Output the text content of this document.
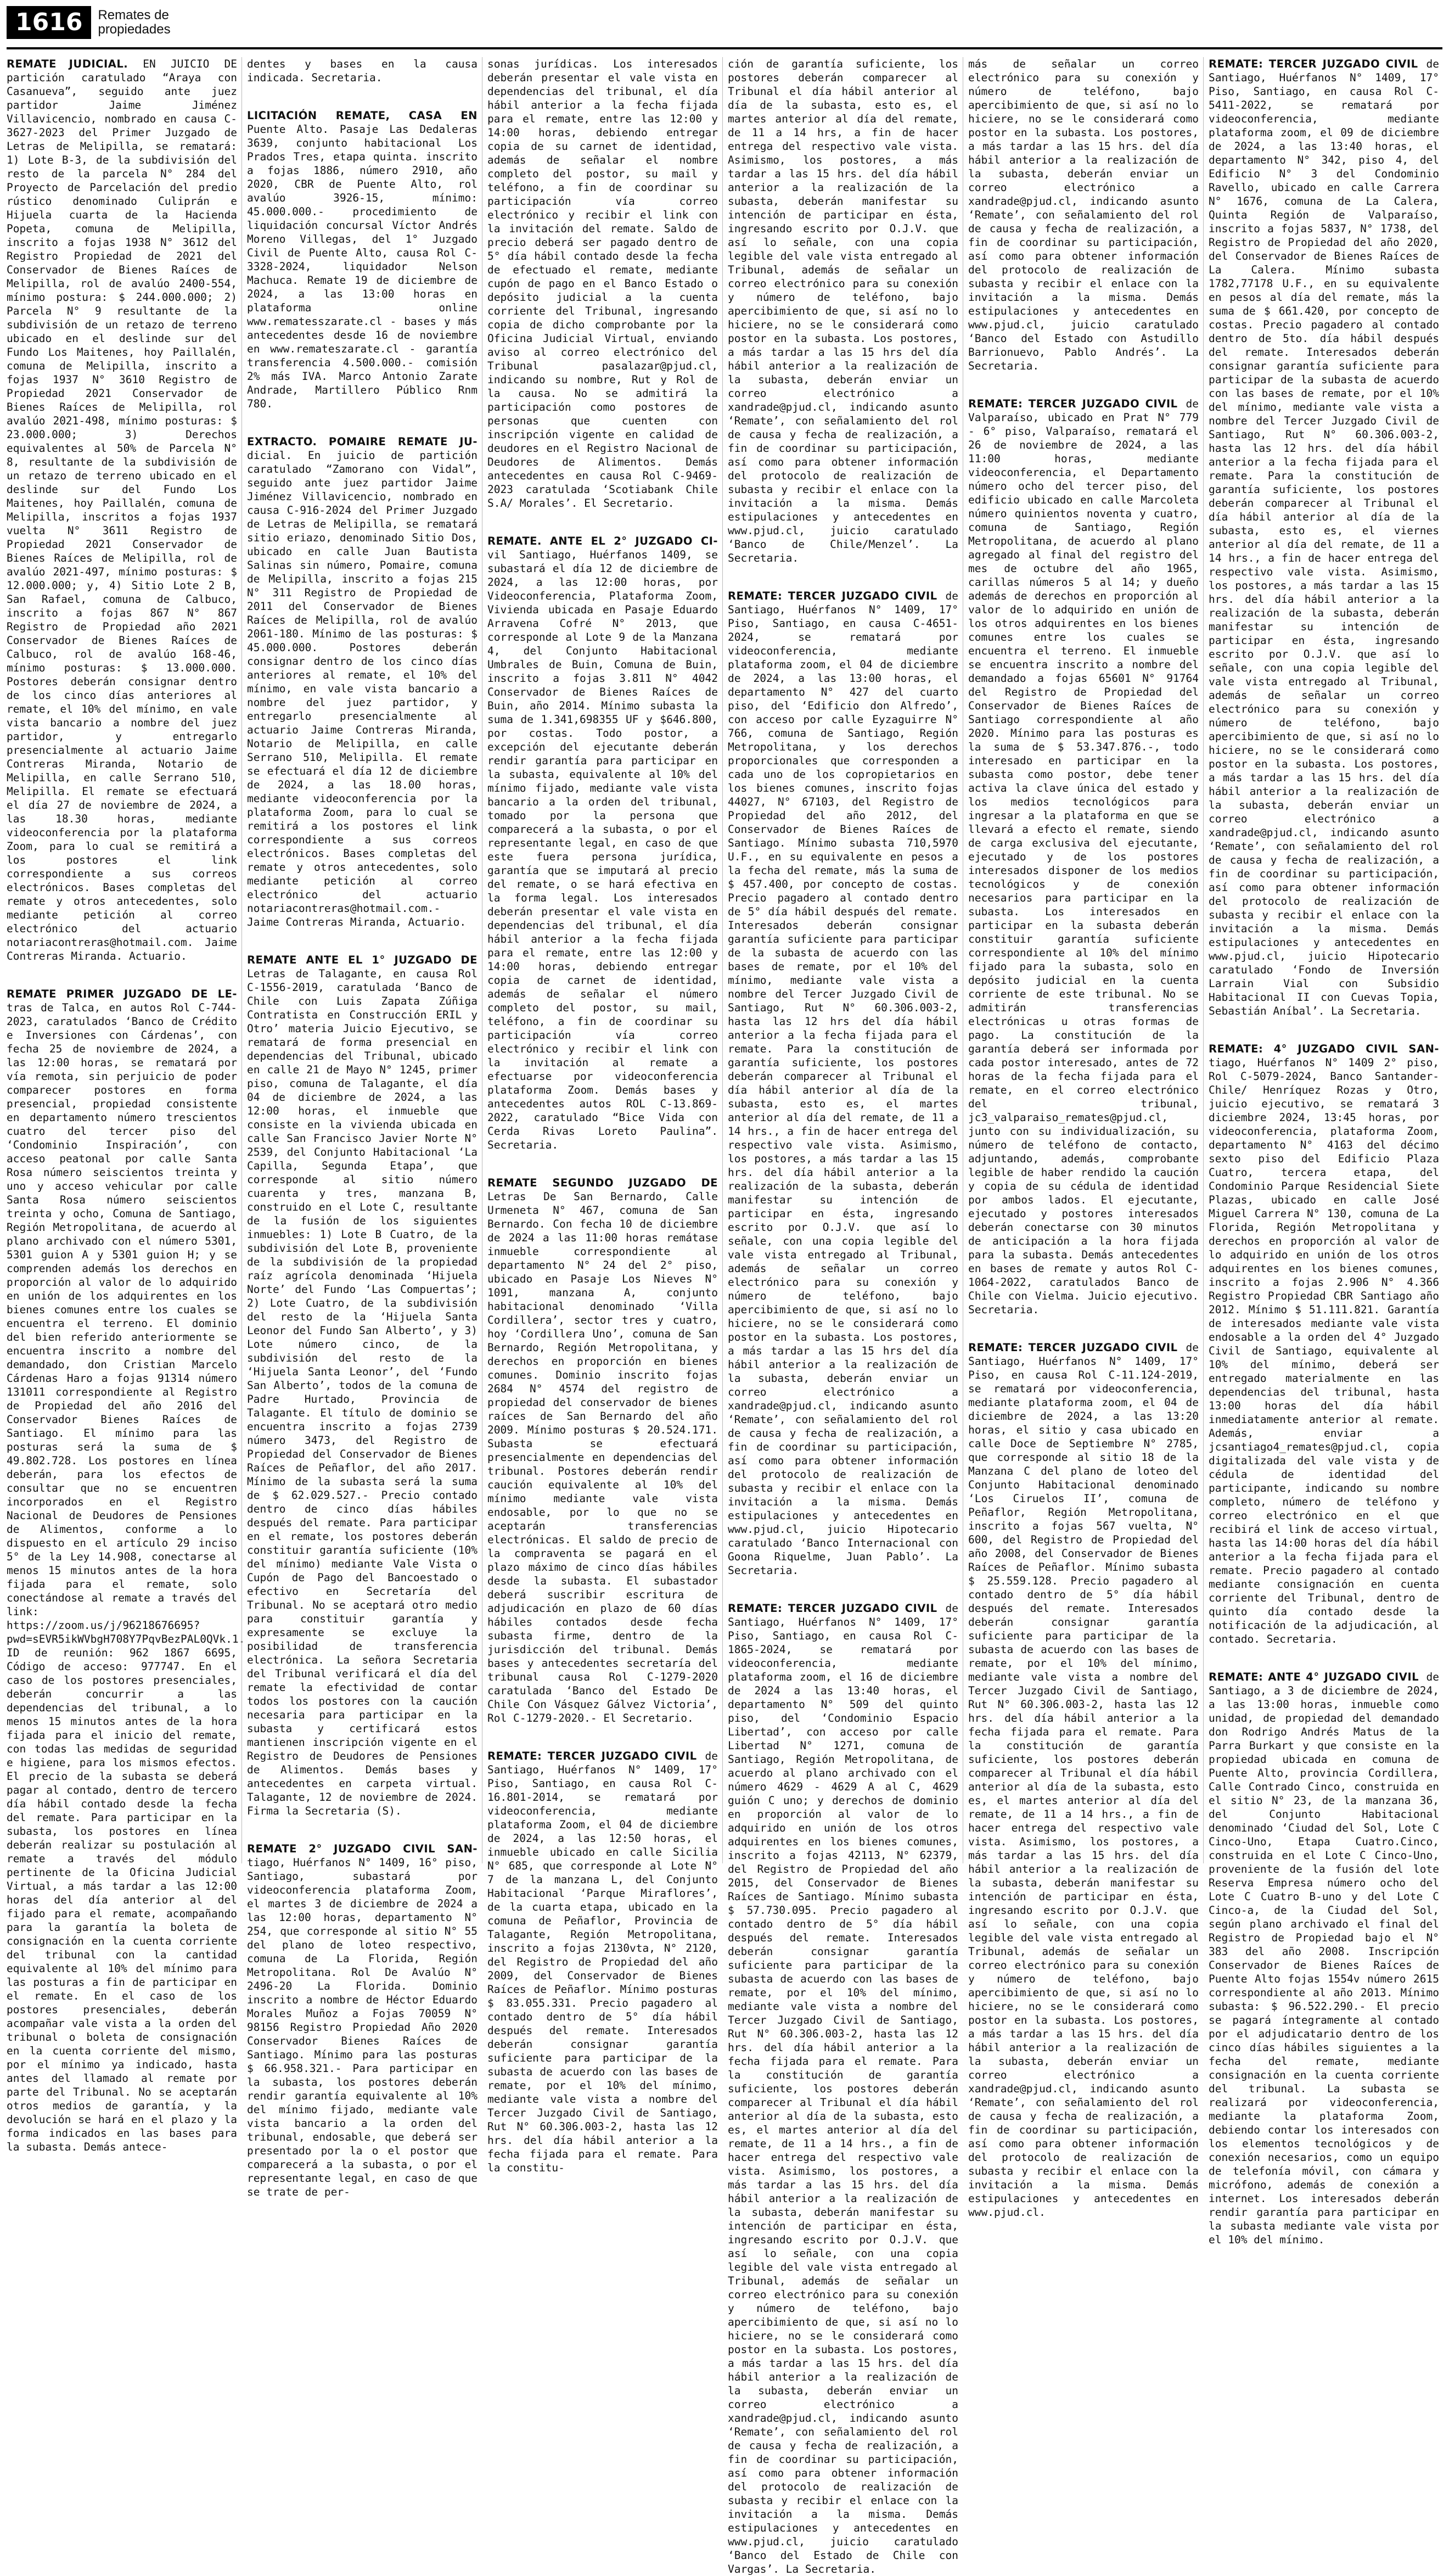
1616	Remates de propiedades

REMATE JUDICIAL. EN JUICIO DE partición caratulado “Araya con Casanueva”, seguido ante juez partidor Jaime Jiménez Villavicencio, nombrado en causa C-3627-2023 del Primer Juzgado de Letras de Melipilla, se rematará: 1) Lote B-3, de la subdivisión del resto de la parcela N° 284 del Proyecto de Parcelación del predio rústico denominado Culiprán e Hijuela cuarta de la Hacienda Popeta, comuna de Melipilla, inscrito a fojas 1938 N° 3612 del Registro Propiedad de 2021 del Conservador de Bienes Raíces de Melipilla, rol de avalúo 2400-554, mínimo postura: $ 244.000.000; 2) Parcela N° 9 resultante de la subdivisión de un retazo de terreno ubicado en el deslinde sur del Fundo Los Maitenes, hoy Paillalén, comuna de Melipilla, inscrito a fojas 1937 N° 3610 Registro de Propiedad 2021 Conservador de Bienes Raíces de Melipilla, rol avalúo 2021-498, mínimo posturas: $ 23.000.000; 3) Derechos equivalentes al 50% de Parcela N° 8, resultante de la subdivisión de un retazo de terreno ubicado en el deslinde sur del Fundo Los Maitenes, hoy Paillalén, comuna de Melipilla, inscritos a fojas 1937 vuelta N° 3611 Registro de Propiedad 2021 Conservador de Bienes Raíces de Melipilla, rol de avalúo 2021-497, mínimo posturas: $ 12.000.000; y, 4) Sitio Lote 2 B, San Rafael, comuna de Calbuco, inscrito a fojas 867 N° 867 Registro de Propiedad año 2021 Conservador de Bienes Raíces de Calbuco, rol de avalúo 168-46, mínimo posturas: $ 13.000.000. Postores deberán consignar dentro de los cinco días anteriores al remate, el 10% del mínimo, en vale vista bancario a nombre del juez partidor, y entregarlo presencialmente al actuario Jaime Contreras Miranda, Notario de Melipilla, en calle Serrano 510, Melipilla. El remate se efectuará el día 27 de noviembre de 2024, a las 18.30 horas, mediante videoconferencia por la plataforma Zoom, para lo cual se remitirá a los postores el link correspondiente a sus correos electrónicos. Bases completas del remate y otros antecedentes, solo mediante petición al correo electrónico del actuario notariacontreras@hotmail.com. Jaime Contreras Miranda. Actuario.

REMATE PRIMER JUZGADO DE LE- tras de Talca, en autos Rol C-744-2023, caratulados ‘Banco de Crédito e Inversiones con Cárdenas’, con fecha 25 de noviembre de 2024, a las 12:00 horas, se rematará por vía remota, sin perjuicio de poder comparecer postores en forma presencial, propiedad consistente en departamento número trescientos cuatro del tercer piso del ‘Condominio Inspiración’, con acceso peatonal por calle Santa Rosa número seiscientos treinta y uno y acceso vehicular por calle Santa Rosa número seiscientos treinta y ocho, Comuna de Santiago, Región Metropolitana, de acuerdo al plano archivado con el número 5301, 5301 guion A y 5301 guion H; y se comprenden además los derechos en proporción al valor de lo adquirido en unión de los adquirentes en los bienes comunes entre los cuales se encuentra el terreno. El dominio del bien referido anteriormente se encuentra inscrito a nombre del demandado, don Cristian Marcelo Cárdenas Haro a fojas 91314 número 131011 correspondiente al Registro de Propiedad del año 2016 del Conservador Bienes Raíces de Santiago. El mínimo para las posturas será la suma de $ 49.802.728. Los postores en línea deberán, para los efectos de consultar que no se encuentren incorporados en el Registro Nacional de Deudores de Pensiones de Alimentos, conforme a lo dispuesto en el artículo 29 inciso 5° de la Ley 14.908, conectarse al menos 15 minutos antes de la hora fijada para el remate, solo conectándose al remate a través del link: https://zoom.us/j/96218676695?pwd=sEVR5ikWVbgH708Y7PqvBezPAL0QVk.1. ID de reunión: 962 1867 6695, Código de acceso: 977747. En el caso de los postores presenciales, deberán concurrir a las dependencias del tribunal, a lo menos 15 minutos antes de la hora fijada para el inicio del remate, con todas las medidas de seguridad e higiene, para los mismos efectos. El precio de la subasta se deberá pagar al contado, dentro de tercero día hábil contado desde la fecha del remate. Para participar en la subasta, los postores en línea deberán realizar su postulación al remate a través del módulo pertinente de la Oficina Judicial Virtual, a más tardar a las 12:00 horas del día anterior al del fijado para el remate, acompañando para la garantía la boleta de consignación en la cuenta corriente del tribunal con la cantidad equivalente al 10% del mínimo para las posturas a fin de participar en el remate. En el caso de los postores presenciales, deberán acompañar vale vista a la orden del tribunal o boleta de consignación en la cuenta corriente del mismo, por el mínimo ya indicado, hasta antes del llamado al remate por parte del Tribunal. No se aceptarán otros medios de garantía, y la devolución se hará en el plazo y la forma indicados en las bases para la subasta. Demás antece-

dentes y bases en la causa indicada. Secretaria.

LICITACIÓN REMATE, CASA EN Puente Alto. Pasaje Las Dedaleras 3639, conjunto habitacional Los Prados Tres, etapa quinta. inscrito a fojas 1886, número 2910, año 2020, CBR de Puente Alto, rol avalúo 3926-15, mínimo: 45.000.000.- procedimiento de liquidación concursal Víctor Andrés Moreno Villegas, del 1° Juzgado Civil de Puente Alto, causa Rol C-3328-2024, liquidador Nelson Machuca. Remate 19 de diciembre de 2024, a las 13:00 horas en plataforma online www.rematesszarate.cl - bases y más antecedentes desde 16 de noviembre en www.remateszarate.cl - garantía transferencia 4.500.000.- comisión 2% más IVA. Marco Antonio Zarate Andrade, Martillero Público Rnm 780.

EXTRACTO. POMAIRE REMATE JU- dicial. En juicio de partición caratulado “Zamorano con Vidal”, seguido ante juez partidor Jaime Jiménez Villavicencio, nombrado en causa C-916-2024 del Primer Juzgado de Letras de Melipilla, se rematará sitio eriazo, denominado Sitio Dos, ubicado en calle Juan Bautista Salinas sin número, Pomaire, comuna de Melipilla, inscrito a fojas 215 N° 311 Registro de Propiedad de 2011 del Conservador de Bienes Raíces de Melipilla, rol de avalúo 2061-180. Mínimo de las posturas: $ 45.000.000. Postores deberán consignar dentro de los cinco días anteriores al remate, el 10% del mínimo, en vale vista bancario a nombre del juez partidor, y entregarlo presencialmente al actuario Jaime Contreras Miranda, Notario de Melipilla, en calle Serrano 510, Melipilla. El remate se efectuará el día 12 de diciembre de 2024, a las 18.00 horas, mediante videoconferencia por la plataforma Zoom, para lo cual se remitirá a los postores el link correspondiente a sus correos electrónicos. Bases completas del remate y otros antecedentes, solo mediante petición al correo electrónico del actuario notariacontreras@hotmail.com.- Jaime Contreras Miranda, Actuario.

REMATE ANTE EL 1° JUZGADO DE Letras de Talagante, en causa Rol C-1556-2019, caratulada ‘Banco de Chile con Luis Zapata Zúñiga Contratista en Construcción ERIL y Otro’ materia Juicio Ejecutivo, se rematará de forma presencial en dependencias del Tribunal, ubicado en calle 21 de Mayo N° 1245, primer piso, comuna de Talagante, el día 04 de diciembre de 2024, a las 12:00 horas, el inmueble que consiste en la vivienda ubicada en calle San Francisco Javier Norte N° 2539, del Conjunto Habitacional ‘La Capilla, Segunda Etapa’, que corresponde al sitio número cuarenta y tres, manzana B, construido en el Lote C, resultante de la fusión de los siguientes inmuebles: 1) Lote B Cuatro, de la subdivisión del Lote B, proveniente de la subdivisión de la propiedad raíz agrícola denominada ‘Hijuela Norte’ del Fundo ‘Las Compuertas’; 2) Lote Cuatro, de la subdivisión del resto de la ‘Hijuela Santa Leonor del Fundo San Alberto’, y 3) Lote número cinco, de la subdivisión del resto de la ‘Hijuela Santa Leonor’, del ‘Fundo San Alberto’, todos de la comuna de Padre Hurtado, Provincia de Talagante. El título de dominio se encuentra inscrito a fojas 2739 número 3473, del Registro de Propiedad del Conservador de Bienes Raíces de Peñaflor, del año 2017. Mínimo de la subasta será la suma de $ 62.029.527.- Precio contado dentro de cinco días hábiles después del remate. Para participar en el remate, los postores deberán constituir garantía suficiente (10% del mínimo) mediante Vale Vista o Cupón de Pago del Bancoestado o efectivo en Secretaría del Tribunal. No se aceptará otro medio para constituir garantía y expresamente se excluye la posibilidad de transferencia electrónica. La señora Secretaria del Tribunal verificará el día del remate la efectividad de contar todos los postores con la caución necesaria para participar en la subasta y certificará estos mantienen inscripción vigente en el Registro de Deudores de Pensiones de Alimentos. Demás bases y antecedentes en carpeta virtual. Talagante, 12 de noviembre de 2024. Firma la Secretaria (S).

REMATE 2° JUZGADO CIVIL SAN- tiago, Huérfanos N° 1409, 16° piso, Santiago, subastará por videoconferencia plataforma Zoom, el martes 3 de diciembre de 2024 a las 12:00 horas, departamento N° 254, que corresponde al sitio N° 55 del plano de loteo respectivo, comuna de La Florida, Región Metropolitana. Rol De Avalúo N° 2496-20 La Florida. Dominio inscrito a nombre de Héctor Eduardo Morales Muñoz a Fojas 70059 N° 98156 Registro Propiedad Año 2020 Conservador Bienes Raíces de Santiago. Mínimo para las posturas $ 66.958.321.- Para participar en la subasta, los postores deberán rendir garantía equivalente al 10% del mínimo fijado, mediante vale vista bancario a la orden del tribunal, endosable, que deberá ser presentado por la o el postor que comparecerá a la subasta, o por el representante legal, en caso de que se trate de per-

sonas jurídicas. Los interesados deberán presentar el vale vista en dependencias del tribunal, el día hábil anterior a la fecha fijada para el remate, entre las 12:00 y 14:00 horas, debiendo entregar copia de su carnet de identidad, además de señalar el nombre completo del postor, su mail y teléfono, a fin de coordinar su participación vía correo electrónico y recibir el link con la invitación del remate. Saldo de precio deberá ser pagado dentro de 5° día hábil contado desde la fecha de efectuado el remate, mediante cupón de pago en el Banco Estado o depósito judicial a la cuenta corriente del Tribunal, ingresando copia de dicho comprobante por la Oficina Judicial Virtual, enviando aviso al correo electrónico del Tribunal pasalazar@pjud.cl, indicando su nombre, Rut y Rol de la causa. No se admitirá la participación como postores de personas que cuenten con inscripción vigente en calidad de deudores en el Registro Nacional de Deudores de Alimentos. Demás antecedentes en causa Rol C-9469-2023 caratulada ‘Scotiabank Chile S.A/ Morales’. El Secretario.

REMATE. ANTE EL 2° JUZGADO CI- vil Santiago, Huérfanos 1409, se subastará el día 12 de diciembre de 2024, a las 12:00 horas, por Videoconferencia, Plataforma Zoom, Vivienda ubicada en Pasaje Eduardo Arravena Cofré N° 2013, que corresponde al Lote 9 de la Manzana 4, del Conjunto Habitacional Umbrales de Buin, Comuna de Buin, inscrito a fojas 3.811 N° 4042 Conservador de Bienes Raíces de Buin, año 2014. Mínimo subasta la suma de 1.341,698355 UF y $646.800, por costas. Todo postor, a excepción del ejecutante deberán rendir garantía para participar en la subasta, equivalente al 10% del mínimo fijado, mediante vale vista bancario a la orden del tribunal, tomado por la persona que comparecerá a la subasta, o por el representante legal, en caso de que este fuera persona jurídica, garantía que se imputará al precio del remate, o se hará efectiva en la forma legal. Los interesados deberán presentar el vale vista en dependencias del tribunal, el día hábil anterior a la fecha fijada para el remate, entre las 12:00 y 14:00 horas, debiendo entregar copia de carnet de identidad, además de señalar el número completo del postor, su mail, teléfono, a fin de coordinar su participación vía correo electrónico y recibir el link con la invitación al remate a efectuarse por videoconferencia plataforma Zoom. Demás bases y antecedentes autos ROL C-13.869-2022, caratulado “Bice Vida con Cerda Rivas Loreto Paulina”. Secretaria.

REMATE SEGUNDO JUZGADO DE Letras De San Bernardo, Calle Urmeneta N° 467, comuna de San Bernardo. Con fecha 10 de diciembre de 2024 a las 11:00 horas remátase inmueble correspondiente al departamento N° 24 del 2° piso, ubicado en Pasaje Los Nieves N° 1091, manzana A, conjunto habitacional denominado ‘Villa Cordillera’, sector tres y cuatro, hoy ‘Cordillera Uno’, comuna de San Bernardo, Región Metropolitana, y derechos en proporción en bienes comunes. Dominio inscrito fojas 2684 N° 4574 del registro de propiedad del conservador de bienes raíces de San Bernardo del año 2009. Mínimo posturas $ 20.524.171. Subasta se efectuará presencialmente en dependencias del tribunal. Postores deberán rendir caución equivalente al 10% del mínimo mediante vale vista endosable, por lo que no se aceptarán transferencias electrónicas. El saldo de precio de la compraventa se pagará en el plazo máximo de cinco días hábiles desde la subasta. El subastador deberá suscribir escritura de adjudicación en plazo de 60 días hábiles contados desde fecha subasta firme, dentro de la jurisdicción del tribunal. Demás bases y antecedentes secretaría del tribunal causa Rol C-1279-2020 caratulada ‘Banco del Estado De Chile Con Vásquez Gálvez Victoria’, Rol C-1279-2020.- El Secretario.

REMATE: TERCER JUZGADO CIVIL de Santiago, Huérfanos N° 1409, 17° Piso, Santiago, en causa Rol C-16.801-2014, se rematará por videoconferencia, mediante plataforma Zoom, el 04 de diciembre de 2024, a las 12:50 horas, el inmueble ubicado en calle Sicilia N° 685, que corresponde al Lote N° 7 de la manzana L, del Conjunto Habitacional ‘Parque Miraflores’, de la cuarta etapa, ubicado en la comuna de Peñaflor, Provincia de Talagante, Región Metropolitana, inscrito a fojas 2130vta, N° 2120, del Registro de Propiedad del año 2009, del Conservador de Bienes Raíces de Peñaflor. Mínimo posturas $ 83.055.331. Precio pagadero al contado dentro de 5° día hábil después del remate. Interesados deberán consignar garantía suficiente para participar de la subasta de acuerdo con las bases de remate, por el 10% del mínimo, mediante vale vista a nombre del Tercer Juzgado Civil de Santiago, Rut N° 60.306.003-2, hasta las 12 hrs. del día hábil anterior a la fecha fijada para el remate. Para la constitu-

ción de garantía suficiente, los postores deberán comparecer al Tribunal el día hábil anterior al día de la subasta, esto es, el martes anterior al día del remate, de 11 a 14 hrs, a fin de hacer entrega del respectivo vale vista. Asimismo, los postores, a más tardar a las 15 hrs. del día hábil anterior a la realización de la subasta, deberán manifestar su intención de participar en ésta, ingresando escrito por O.J.V. que así lo señale, con una copia legible del vale vista entregado al Tribunal, además de señalar un correo electrónico para su conexión y número de teléfono, bajo apercibimiento de que, si así no lo hiciere, no se le considerará como postor en la subasta. Los postores, a más tardar a las 15 hrs del día hábil anterior a la realización de la subasta, deberán enviar un correo electrónico a xandrade@pjud.cl, indicando asunto ‘Remate’, con señalamiento del rol de causa y fecha de realización, a fin de coordinar su participación, así como para obtener información del protocolo de realización de subasta y recibir el enlace con la invitación a la misma. Demás estipulaciones y antecedentes en www.pjud.cl, juicio caratulado ‘Banco de Chile/Menzel’. La Secretaria.

REMATE: TERCER JUZGADO CIVIL de Santiago, Huérfanos N° 1409, 17° Piso, Santiago, en causa C-4651-2024, se rematará por videoconferencia, mediante plataforma zoom, el 04 de diciembre de 2024, a las 13:00 horas, el departamento N° 427 del cuarto piso, del ‘Edificio don Alfredo’, con acceso por calle Eyzaguirre N° 766, comuna de Santiago, Región Metropolitana, y los derechos proporcionales que corresponden a cada uno de los copropietarios en los bienes comunes, inscrito fojas 44027, N° 67103, del Registro de Propiedad del año 2012, del Conservador de Bienes Raíces de Santiago. Mínimo subasta 710,5970 U.F., en su equivalente en pesos a la fecha del remate, más la suma de $ 457.400, por concepto de costas. Precio pagadero al contado dentro de 5° día hábil después del remate. Interesados deberán consignar garantía suficiente para participar de la subasta de acuerdo con las bases de remate, por el 10% del mínimo, mediante vale vista a nombre del Tercer Juzgado Civil de Santiago, Rut N° 60.306.003-2, hasta las 12 hrs del día hábil anterior a la fecha fijada para el remate. Para la constitución de garantía suficiente, los postores deberán comparecer al Tribunal el día hábil anterior al día de la subasta, esto es, el martes anterior al día del remate, de 11 a 14 hrs., a fin de hacer entrega del respectivo vale vista. Asimismo, los postores, a más tardar a las 15 hrs. del día hábil anterior a la realización de la subasta, deberán manifestar su intención de participar en ésta, ingresando escrito por O.J.V. que así lo señale, con una copia legible del vale vista entregado al Tribunal, además de señalar un correo electrónico para su conexión y número de teléfono, bajo apercibimiento de que, si así no lo hiciere, no se le considerará como postor en la subasta. Los postores, a más tardar a las 15 hrs del día hábil anterior a la realización de la subasta, deberán enviar un correo electrónico a xandrade@pjud.cl, indicando asunto ‘Remate’, con señalamiento del rol de causa y fecha de realización, a fin de coordinar su participación, así como para obtener información del protocolo de realización de subasta y recibir el enlace con la invitación a la misma. Demás estipulaciones y antecedentes en www.pjud.cl, juicio Hipotecario caratulado ‘Banco Internacional con Goona Riquelme, Juan Pablo’. La Secretaria.

REMATE: TERCER JUZGADO CIVIL de Santiago, Huérfanos N° 1409, 17° Piso, Santiago, en causa Rol C-1865-2024, se rematará por videoconferencia, mediante plataforma zoom, el 16 de diciembre de 2024 a las 13:40 horas, el departamento N° 509 del quinto piso, del ‘Condominio Espacio Libertad’, con acceso por calle Libertad N° 1271, comuna de Santiago, Región Metropolitana, de acuerdo al plano archivado con el número 4629 - 4629 A al C, 4629 guión C uno; y derechos de dominio en proporción al valor de lo adquirido en unión de los otros adquirentes en los bienes comunes, inscrito a fojas 42113, N° 62379, del Registro de Propiedad del año 2015, del Conservador de Bienes Raíces de Santiago. Mínimo subasta $ 57.730.095. Precio pagadero al contado dentro de 5° día hábil después del remate. Interesados deberán consignar garantía suficiente para participar de la subasta de acuerdo con las bases de remate, por el 10% del mínimo, mediante vale vista a nombre del Tercer Juzgado Civil de Santiago, Rut N° 60.306.003-2, hasta las 12 hrs. del día hábil anterior a la fecha fijada para el remate. Para la constitución de garantía suficiente, los postores deberán comparecer al Tribunal el día hábil anterior al día de la subasta, esto es, el martes anterior al día del remate, de 11 a 14 hrs., a fin de hacer entrega del respectivo vale vista. Asimismo, los postores, a más tardar a las 15 hrs. del día hábil anterior a la realización de la subasta, deberán manifestar su intención de participar en ésta, ingresando escrito por O.J.V. que así lo señale, con una copia legible del vale vista entregado al Tribunal, además de señalar un correo electrónico para su conexión y número de teléfono, bajo apercibimiento de que, si así no lo hiciere, no se le considerará como postor en la subasta. Los postores, a más tardar a las 15 hrs. del día hábil anterior a la realización de la subasta, deberán enviar un correo electrónico a xandrade@pjud.cl, indicando asunto ‘Remate’, con señalamiento del rol de causa y fecha de realización, a fin de coordinar su participación, así como para obtener información del protocolo de realización de subasta y recibir el enlace con la invitación a la misma. Demás estipulaciones y antecedentes en www.pjud.cl, juicio caratulado ‘Banco del Estado de Chile con Vargas’. La Secretaria.

más de señalar un correo electrónico para su conexión y número de teléfono, bajo apercibimiento de que, si así no lo hiciere, no se le considerará como postor en la subasta. Los postores, a más tardar a las 15 hrs. del día hábil anterior a la realización de la subasta, deberán enviar un correo electrónico a xandrade@pjud.cl, indicando asunto ‘Remate’, con señalamiento del rol de causa y fecha de realización, a fin de coordinar su participación, así como para obtener información del protocolo de realización de subasta y recibir el enlace con la invitación a la misma. Demás estipulaciones y antecedentes en www.pjud.cl, juicio caratulado ‘Banco del Estado con Astudillo Barrionuevo, Pablo Andrés’. La Secretaria.

REMATE: TERCER JUZGADO CIVIL de Valparaíso, ubicado en Prat N° 779 - 6° piso, Valparaíso, rematará el 26 de noviembre de 2024, a las 11:00 horas, mediante videoconferencia, el Departamento número ocho del tercer piso, del edificio ubicado en calle Marcoleta número quinientos noventa y cuatro, comuna de Santiago, Región Metropolitana, de acuerdo al plano agregado al final del registro del mes de octubre del año 1965, carillas números 5 al 14; y dueño además de derechos en proporción al valor de lo adquirido en unión de los otros adquirentes en los bienes comunes entre los cuales se encuentra el terreno. El inmueble se encuentra inscrito a nombre del demandado a fojas 65601 N° 91764 del Registro de Propiedad del Conservador de Bienes Raíces de Santiago correspondiente al año 2020. Mínimo para las posturas es la suma de $ 53.347.876.-, todo interesado en participar en la subasta como postor, debe tener activa la clave única del estado y los medios tecnológicos para ingresar a la plataforma en que se llevará a efecto el remate, siendo de carga exclusiva del ejecutante, ejecutado y de los postores interesados disponer de los medios tecnológicos y de conexión necesarios para participar en la subasta. Los interesados en participar en la subasta deberán constituir garantía suficiente correspondiente al 10% del mínimo fijado para la subasta, solo en depósito judicial en la cuenta corriente de este tribunal. No se admitirán transferencias electrónicas u otras formas de pago. La constitución de la garantía deberá ser informada por cada postor interesado, antes de 72 horas de la fecha fijada para el remate, en el correo electrónico del tribunal, jc3_valparaiso_remates@pjud.cl, junto con su individualización, su número de teléfono de contacto, adjuntando, además, comprobante legible de haber rendido la caución y copia de su cédula de identidad por ambos lados. El ejecutante, ejecutado y postores interesados deberán conectarse con 30 minutos de anticipación a la hora fijada para la subasta. Demás antecedentes en bases de remate y autos Rol C-1064-2022, caratulados Banco de Chile con Vielma. Juicio ejecutivo. Secretaria.

REMATE: TERCER JUZGADO CIVIL de Santiago, Huérfanos N° 1409, 17° Piso, en causa Rol C-11.124-2019, se rematará por videoconferencia, mediante plataforma zoom, el 04 de diciembre de 2024, a las 13:20 horas, el sitio y casa ubicado en calle Doce de Septiembre N° 2785, que corresponde al sitio 18 de la Manzana C del plano de loteo del Conjunto Habitacional denominado ‘Los Ciruelos II’, comuna de Peñaflor, Región Metropolitana, inscrito a fojas 567 vuelta, N° 600, del Registro de Propiedad del año 2008, del Conservador de Bienes Raíces de Peñaflor. Mínimo subasta $ 25.559.128. Precio pagadero al contado dentro de 5° día hábil después del remate. Interesados deberán consignar garantía suficiente para participar de la subasta de acuerdo con las bases de remate, por el 10% del mínimo, mediante vale vista a nombre del Tercer Juzgado Civil de Santiago, Rut N° 60.306.003-2, hasta las 12 hrs. del día hábil anterior a la fecha fijada para el remate. Para la constitución de garantía suficiente, los postores deberán comparecer al Tribunal el día hábil anterior al día de la subasta, esto es, el martes anterior al día del remate, de 11 a 14 hrs., a fin de hacer entrega del respectivo vale vista. Asimismo, los postores, a más tardar a las 15 hrs. del día hábil anterior a la realización de la subasta, deberán manifestar su intención de participar en ésta, ingresando escrito por O.J.V. que así lo señale, con una copia legible del vale vista entregado al Tribunal, además de señalar un correo electrónico para su conexión y número de teléfono, bajo apercibimiento de que, si así no lo hiciere, no se le considerará como postor en la subasta. Los postores, a más tardar a las 15 hrs. del día hábil anterior a la realización de la subasta, deberán enviar un correo electrónico a xandrade@pjud.cl, indicando asunto ‘Remate’, con señalamiento del rol de causa y fecha de realización, a fin de coordinar su participación, así como para obtener información del protocolo de realización de subasta y recibir el enlace con la invitación a la misma. Demás estipulaciones y antecedentes en www.pjud.cl.

REMATE: TERCER JUZGADO CIVIL de Santiago, Huérfanos N° 1409, 17° Piso, Santiago, en causa Rol C-5411-2022, se rematará por videoconferencia, mediante plataforma zoom, el 09 de diciembre de 2024, a las 13:40 horas, el departamento N° 342, piso 4, del Edificio N° 3 del Condominio Ravello, ubicado en calle Carrera N° 1676, comuna de La Calera, Quinta Región de Valparaíso, inscrito a fojas 5837, N° 1738, del Registro de Propiedad del año 2020, del Conservador de Bienes Raíces de La Calera. Mínimo subasta 1782,77178 U.F., en su equivalente en pesos al día del remate, más la suma de $ 661.420, por concepto de costas. Precio pagadero al contado dentro de 5to. día hábil después del remate. Interesados deberán consignar garantía suficiente para participar de la subasta de acuerdo con las bases de remate, por el 10% del mínimo, mediante vale vista a nombre del Tercer Juzgado Civil de Santiago, Rut N° 60.306.003-2, hasta las 12 hrs. del día hábil anterior a la fecha fijada para el remate. Para la constitución de garantía suficiente, los postores deberán comparecer al Tribunal el día hábil anterior al día de la subasta, esto es, el viernes anterior al día del remate, de 11 a 14 hrs., a fin de hacer entrega del respectivo vale vista. Asimismo, los postores, a más tardar a las 15 hrs. del día hábil anterior a la realización de la subasta, deberán manifestar su intención de participar en ésta, ingresando escrito por O.J.V. que así lo señale, con una copia legible del vale vista entregado al Tribunal, además de señalar un correo electrónico para su conexión y número de teléfono, bajo apercibimiento de que, si así no lo hiciere, no se le considerará como postor en la subasta. Los postores, a más tardar a las 15 hrs. del día hábil anterior a la realización de la subasta, deberán enviar un correo electrónico a xandrade@pjud.cl, indicando asunto ‘Remate’, con señalamiento del rol de causa y fecha de realización, a fin de coordinar su participación, así como para obtener información del protocolo de realización de subasta y recibir el enlace con la invitación a la misma. Demás estipulaciones y antecedentes en www.pjud.cl, juicio Hipotecario caratulado ‘Fondo de Inversión Larrain Vial con Subsidio Habitacional II con Cuevas Topia, Sebastián Aníbal’. La Secretaria.

REMATE: 4° JUZGADO CIVIL SAN- tiago, Huérfanos N° 1409 2° piso, Rol C-5079-2024, Banco Santander-Chile/ Henríquez Rozas y Otro, juicio ejecutivo, se rematará 3 diciembre 2024, 13:45 horas, por videoconferencia, plataforma Zoom, departamento N° 4163 del décimo sexto piso del Edificio Plaza Cuatro, tercera etapa, del Condominio Parque Residencial Siete Plazas, ubicado en calle José Miguel Carrera N° 130, comuna de La Florida, Región Metropolitana y derechos en proporción al valor de lo adquirido en unión de los otros adquirentes en los bienes comunes, inscrito a fojas 2.906 N° 4.366 Registro Propiedad CBR Santiago año 2012. Mínimo $ 51.111.821. Garantía de interesados mediante vale vista endosable a la orden del 4° Juzgado Civil de Santiago, equivalente al 10% del mínimo, deberá ser entregado materialmente en las dependencias del tribunal, hasta 13:00 horas del día hábil inmediatamente anterior al remate. Además, enviar a jcsantiago4_remates@pjud.cl, copia digitalizada del vale vista y de cédula de identidad del participante, indicando su nombre completo, número de teléfono y correo electrónico en el que recibirá el link de acceso virtual, hasta las 14:00 horas del día hábil anterior a la fecha fijada para el remate. Precio pagadero al contado mediante consignación en cuenta corriente del Tribunal, dentro de quinto día contado desde la notificación de la adjudicación, al contado. Secretaria.

REMATE: ANTE 4° JUZGADO CIVIL de Santiago, a 3 de diciembre de 2024, a las 13:00 horas, inmueble como unidad, de propiedad del demandado don Rodrigo Andrés Matus de la Parra Burkart y que consiste en la propiedad ubicada en comuna de Puente Alto, provincia Cordillera, Calle Contrado Cinco, construida en el sitio N° 23, de la manzana 36, del Conjunto Habitacional denominado ‘Ciudad del Sol, Lote C Cinco-Uno, Etapa Cuatro.Cinco, construida en el Lote C Cinco-Uno, proveniente de la fusión del lote Reserva Empresa número ocho del Lote C Cuatro B-uno y del Lote C Cinco-a, de la Ciudad del Sol, según plano archivado el final del Registro de Propiedad bajo el N° 383 del año 2008. Inscripción Conservador de Bienes Raíces de Puente Alto fojas 1554v número 2615 correspondiente al año 2013. Mínimo subasta: $ 96.522.290.- El precio se pagará íntegramente al contado por el adjudicatario dentro de los cinco días hábiles siguientes a la fecha del remate, mediante consignación en la cuenta corriente del tribunal. La subasta se realizará por videoconferencia, mediante la plataforma Zoom, debiendo contar los interesados con los elementos tecnológicos y de conexión necesarios, como un equipo de telefonía móvil, con cámara y micrófono, además de conexión a internet. Los interesados deberán rendir garantía para participar en la subasta mediante vale vista por el 10% del mínimo.
